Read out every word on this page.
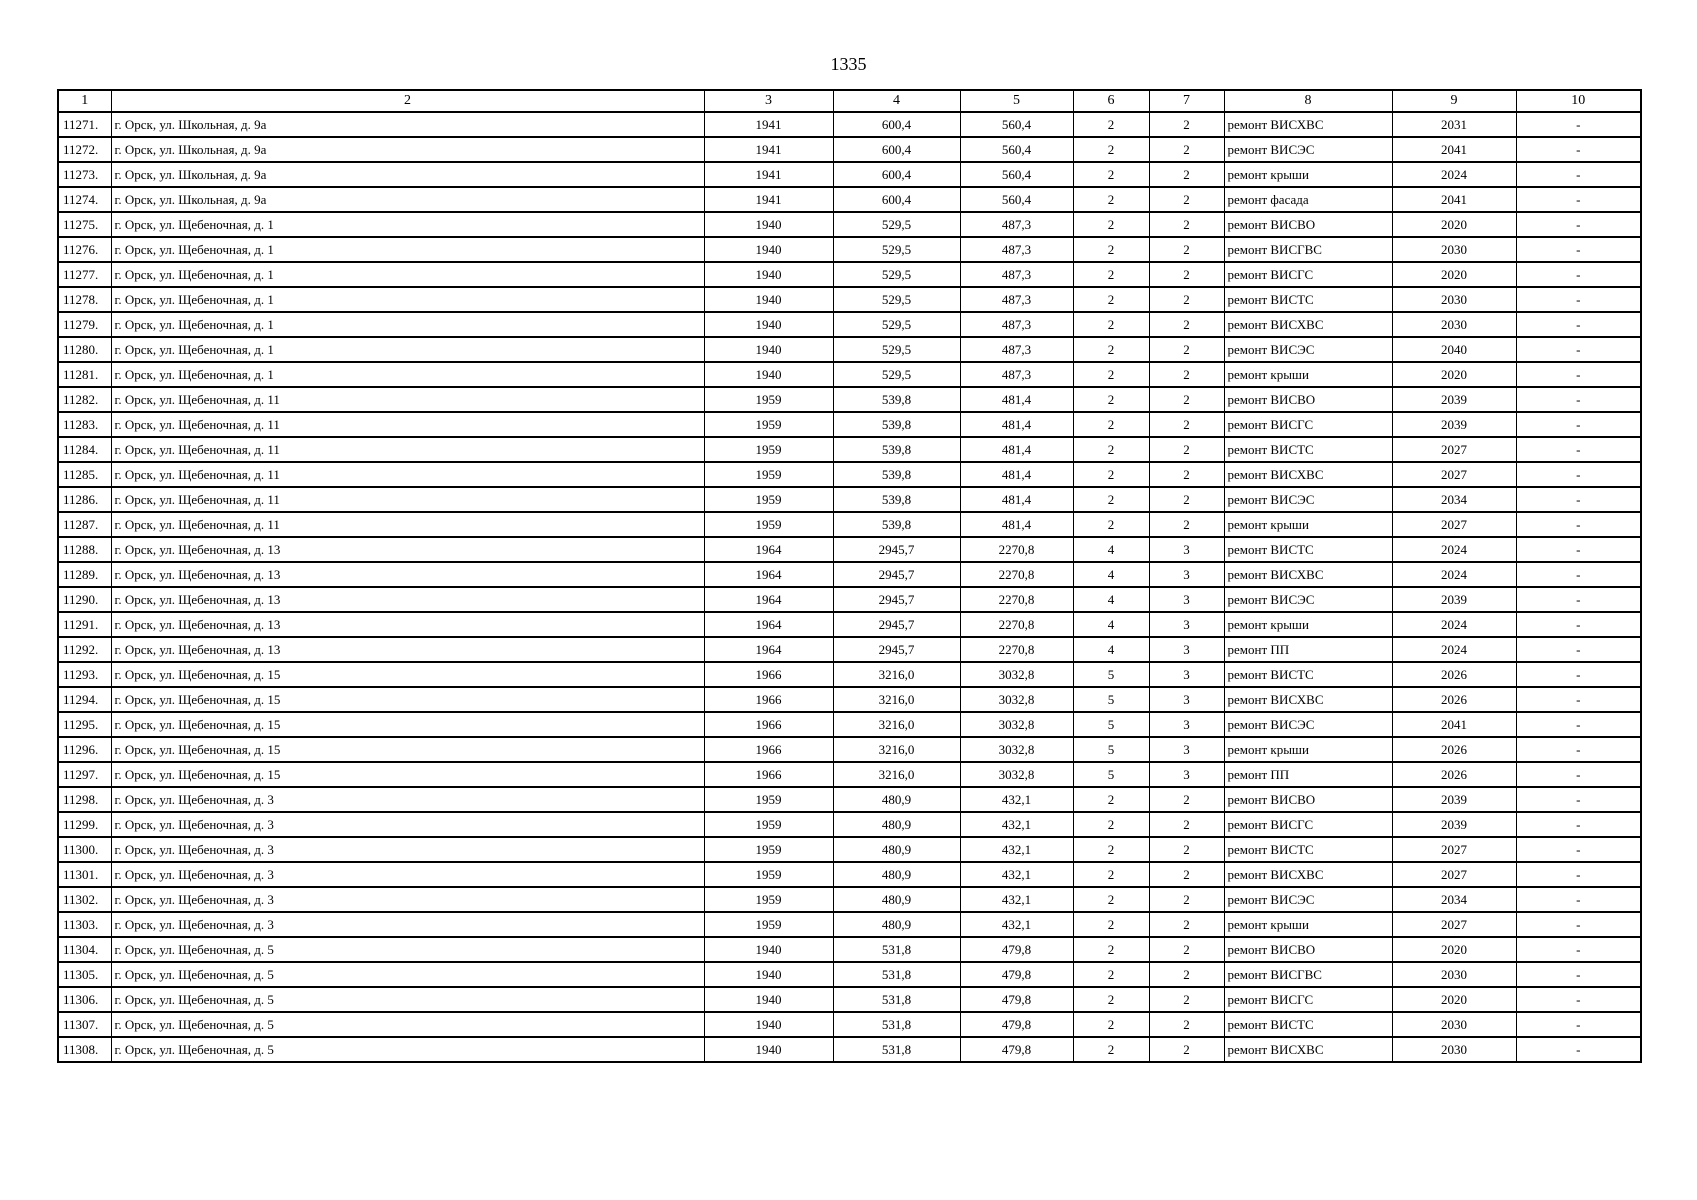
1335
1	2	3	4	5	6	7	8	9	10
11271.	г. Орск, ул. Школьная, д. 9а	1941	600,4	560,4	2	2	ремонт ВИСХВС	2031	-
11272.	г. Орск, ул. Школьная, д. 9а	1941	600,4	560,4	2	2	ремонт ВИСЭС	2041	-
11273.	г. Орск, ул. Школьная, д. 9а	1941	600,4	560,4	2	2	ремонт крыши	2024	-
11274.	г. Орск, ул. Школьная, д. 9а	1941	600,4	560,4	2	2	ремонт фасада	2041	-
11275.	г. Орск, ул. Щебеночная, д. 1	1940	529,5	487,3	2	2	ремонт ВИСВО	2020	-
11276.	г. Орск, ул. Щебеночная, д. 1	1940	529,5	487,3	2	2	ремонт ВИСГВС	2030	-
11277.	г. Орск, ул. Щебеночная, д. 1	1940	529,5	487,3	2	2	ремонт ВИСГС	2020	-
11278.	г. Орск, ул. Щебеночная, д. 1	1940	529,5	487,3	2	2	ремонт ВИСТС	2030	-
11279.	г. Орск, ул. Щебеночная, д. 1	1940	529,5	487,3	2	2	ремонт ВИСХВС	2030	-
11280.	г. Орск, ул. Щебеночная, д. 1	1940	529,5	487,3	2	2	ремонт ВИСЭС	2040	-
11281.	г. Орск, ул. Щебеночная, д. 1	1940	529,5	487,3	2	2	ремонт крыши	2020	-
11282.	г. Орск, ул. Щебеночная, д. 11	1959	539,8	481,4	2	2	ремонт ВИСВО	2039	-
11283.	г. Орск, ул. Щебеночная, д. 11	1959	539,8	481,4	2	2	ремонт ВИСГС	2039	-
11284.	г. Орск, ул. Щебеночная, д. 11	1959	539,8	481,4	2	2	ремонт ВИСТС	2027	-
11285.	г. Орск, ул. Щебеночная, д. 11	1959	539,8	481,4	2	2	ремонт ВИСХВС	2027	-
11286.	г. Орск, ул. Щебеночная, д. 11	1959	539,8	481,4	2	2	ремонт ВИСЭС	2034	-
11287.	г. Орск, ул. Щебеночная, д. 11	1959	539,8	481,4	2	2	ремонт крыши	2027	-
11288.	г. Орск, ул. Щебеночная, д. 13	1964	2945,7	2270,8	4	3	ремонт ВИСТС	2024	-
11289.	г. Орск, ул. Щебеночная, д. 13	1964	2945,7	2270,8	4	3	ремонт ВИСХВС	2024	-
11290.	г. Орск, ул. Щебеночная, д. 13	1964	2945,7	2270,8	4	3	ремонт ВИСЭС	2039	-
11291.	г. Орск, ул. Щебеночная, д. 13	1964	2945,7	2270,8	4	3	ремонт крыши	2024	-
11292.	г. Орск, ул. Щебеночная, д. 13	1964	2945,7	2270,8	4	3	ремонт ПП	2024	-
11293.	г. Орск, ул. Щебеночная, д. 15	1966	3216,0	3032,8	5	3	ремонт ВИСТС	2026	-
11294.	г. Орск, ул. Щебеночная, д. 15	1966	3216,0	3032,8	5	3	ремонт ВИСХВС	2026	-
11295.	г. Орск, ул. Щебеночная, д. 15	1966	3216,0	3032,8	5	3	ремонт ВИСЭС	2041	-
11296.	г. Орск, ул. Щебеночная, д. 15	1966	3216,0	3032,8	5	3	ремонт крыши	2026	-
11297.	г. Орск, ул. Щебеночная, д. 15	1966	3216,0	3032,8	5	3	ремонт ПП	2026	-
11298.	г. Орск, ул. Щебеночная, д. 3	1959	480,9	432,1	2	2	ремонт ВИСВО	2039	-
11299.	г. Орск, ул. Щебеночная, д. 3	1959	480,9	432,1	2	2	ремонт ВИСГС	2039	-
11300.	г. Орск, ул. Щебеночная, д. 3	1959	480,9	432,1	2	2	ремонт ВИСТС	2027	-
11301.	г. Орск, ул. Щебеночная, д. 3	1959	480,9	432,1	2	2	ремонт ВИСХВС	2027	-
11302.	г. Орск, ул. Щебеночная, д. 3	1959	480,9	432,1	2	2	ремонт ВИСЭС	2034	-
11303.	г. Орск, ул. Щебеночная, д. 3	1959	480,9	432,1	2	2	ремонт крыши	2027	-
11304.	г. Орск, ул. Щебеночная, д. 5	1940	531,8	479,8	2	2	ремонт ВИСВО	2020	-
11305.	г. Орск, ул. Щебеночная, д. 5	1940	531,8	479,8	2	2	ремонт ВИСГВС	2030	-
11306.	г. Орск, ул. Щебеночная, д. 5	1940	531,8	479,8	2	2	ремонт ВИСГС	2020	-
11307.	г. Орск, ул. Щебеночная, д. 5	1940	531,8	479,8	2	2	ремонт ВИСТС	2030	-
11308.	г. Орск, ул. Щебеночная, д. 5	1940	531,8	479,8	2	2	ремонт ВИСХВС	2030	-
